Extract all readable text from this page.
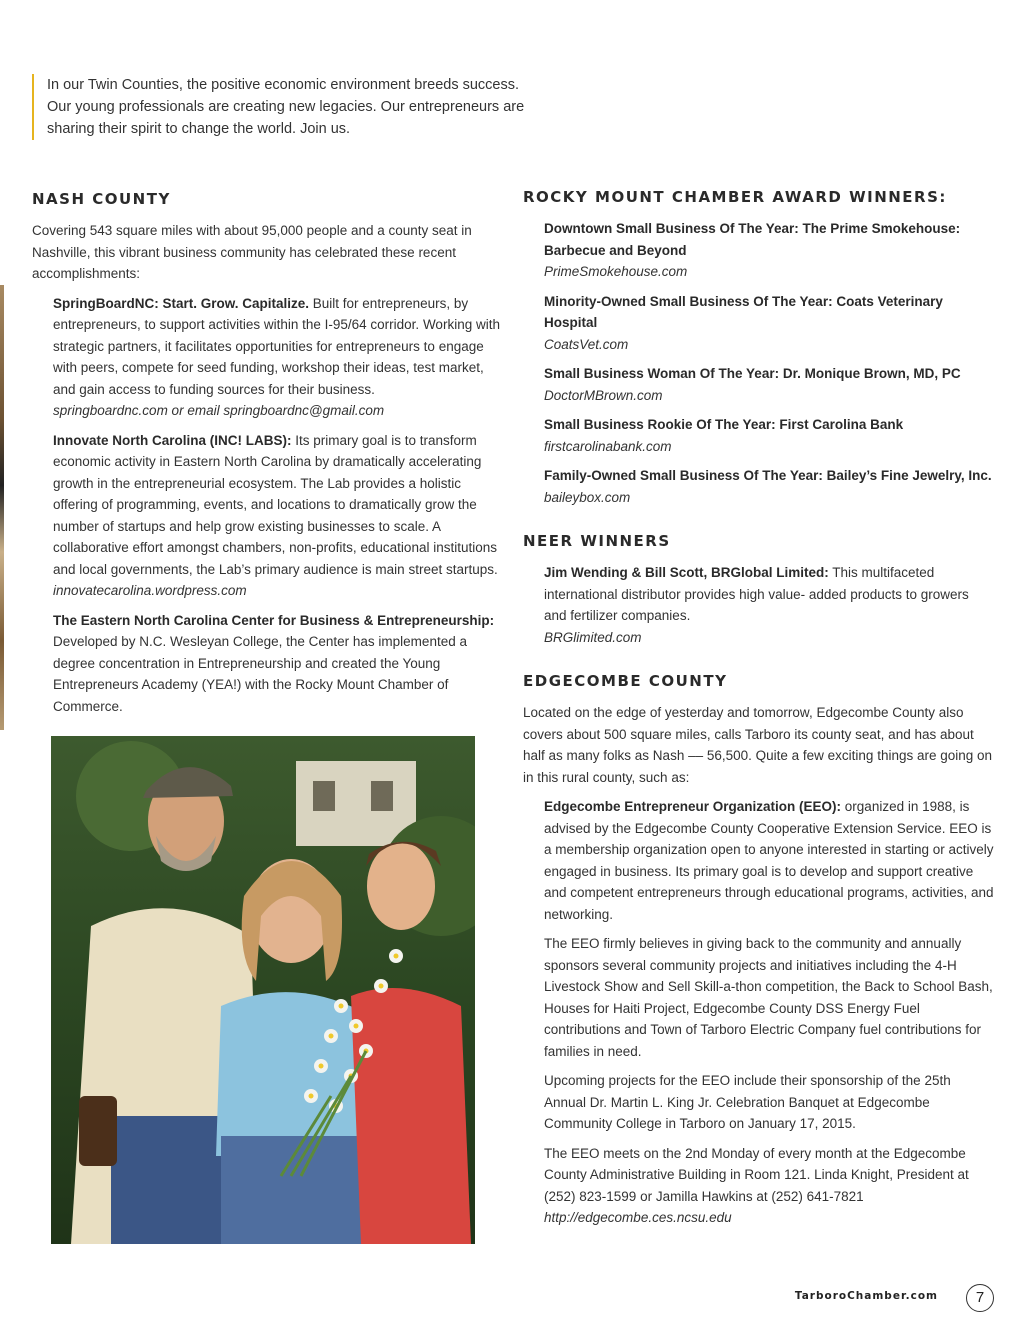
In our Twin Counties, the positive economic environment breeds success. Our young professionals are creating new legacies. Our entrepreneurs are sharing their spirit to change the world. Join us.
NASH COUNTY

Covering 543 square miles with about 95,000 people and a county seat in Nashville, this vibrant business community has celebrated these recent accomplishments:

SpringBoardNC: Start. Grow. Capitalize. Built for entrepreneurs, by entrepreneurs, to support activities within the I-95/64 corridor. Working with strategic partners, it facilitates opportunities for entrepreneurs to engage with peers, compete for seed funding, workshop their ideas, test market, and gain access to funding sources for their business.
springboardnc.com or email springboardnc@gmail.com

Innovate North Carolina (INC! LABS): Its primary goal is to transform economic activity in Eastern North Carolina by dramatically accelerating growth in the entrepreneurial ecosystem. The Lab provides a holistic offering of programming, events, and locations to dramatically grow the number of startups and help grow existing businesses to scale. A collaborative effort amongst chambers, non-profits, educational institutions and local governments, the Lab’s primary audience is main street startups.
innovatecarolina.wordpress.com

The Eastern North Carolina Center for Business & Entrepreneurship: Developed by N.C. Wesleyan College, the Center has implemented a degree concentration in Entrepreneurship and created the Young Entrepreneurs Academy (YEA!) with the Rocky Mount Chamber of Commerce.

ROCKY MOUNT CHAMBER AWARD WINNERS:
Downtown Small Business Of The Year: The Prime Smokehouse: Barbecue and Beyond
PrimeSmokehouse.com
Minority-Owned Small Business Of The Year: Coats Veterinary Hospital
CoatsVet.com
Small Business Woman Of The Year: Dr. Monique Brown, MD, PC
DoctorMBrown.com
Small Business Rookie Of The Year: First Carolina Bank
firstcarolinabank.com
Family-Owned Small Business Of The Year: Bailey’s Fine Jewelry, Inc.
baileybox.com
NEER WINNERS

Jim Wending & Bill Scott, BRGlobal Limited: This multifaceted international distributor provides high value- added products to growers and fertilizer companies.
BRGlimited.com

EDGECOMBE COUNTY

Located on the edge of yesterday and tomorrow, Edgecombe County also covers about 500 square miles, calls Tarboro its county seat, and has about half as many folks as Nash –– 56,500. Quite a few exciting things are going on in this rural county, such as:

Edgecombe Entrepreneur Organization (EEO): organized in 1988, is advised by the Edgecombe County Cooperative Extension Service. EEO is a membership organization open to anyone interested in starting or actively engaged in business. Its primary goal is to develop and support creative and competent entrepreneurs through educational programs, activities, and networking.

The EEO firmly believes in giving back to the community and annually sponsors several community projects and initiatives including the 4-H Livestock Show and Sell Skill-a-thon competition, the Back to School Bash, Houses for Haiti Project, Edgecombe County DSS Energy Fuel contributions and Town of Tarboro Electric Company fuel contributions for families in need.

Upcoming projects for the EEO include their sponsorship of the 25th Annual Dr. Martin L. King Jr. Celebration Banquet at Edgecombe Community College in Tarboro on January 17, 2015.

The EEO meets on the 2nd Monday of every month at the Edgecombe County Administrative Building in Room 121. Linda Knight, President at (252) 823-1599 or Jamilla Hawkins at (252) 641-7821
http://edgecombe.ces.ncsu.edu

TarboroChamber.com	7
